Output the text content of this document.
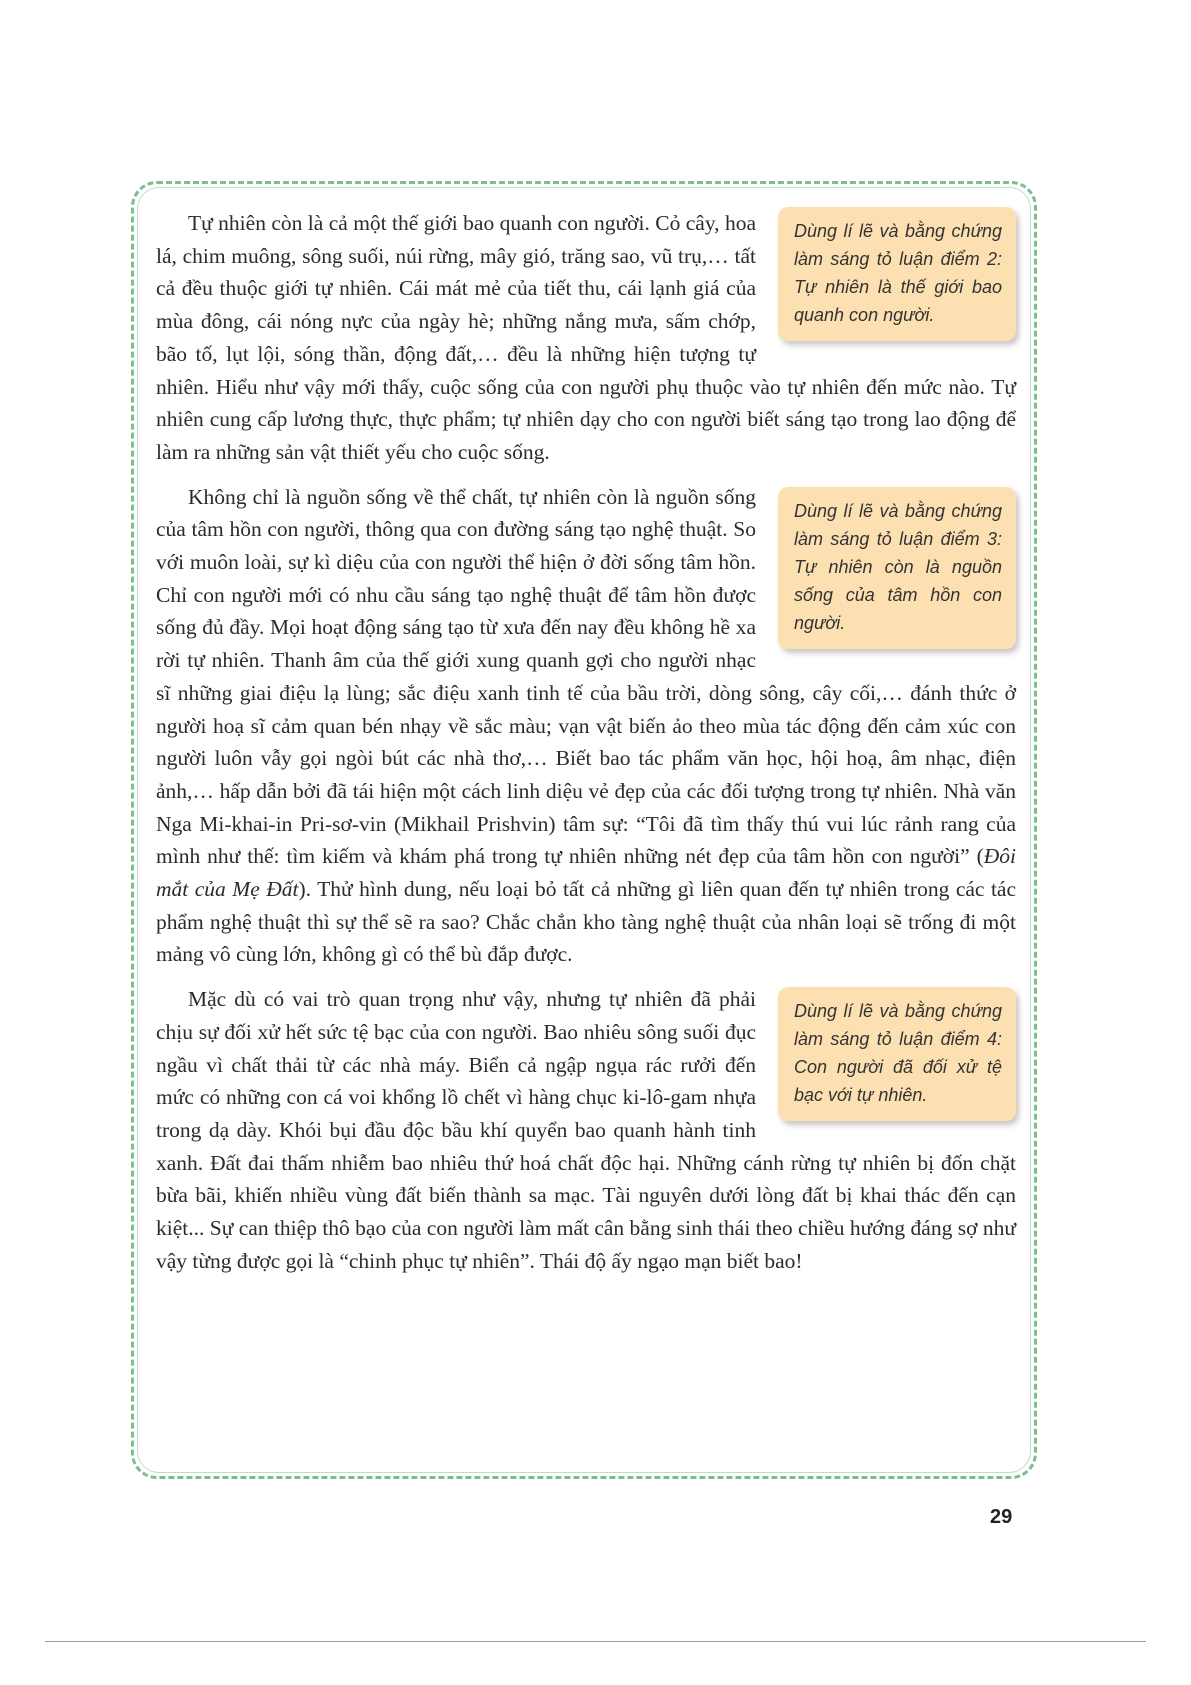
Dùng lí lẽ và bằng chứng làm sáng tỏ luận điểm 2: Tự nhiên là thế giới bao quanh con người.

Tự nhiên còn là cả một thế giới bao quanh con người. Cỏ cây, hoa lá, chim muông, sông suối, núi rừng, mây gió, trăng sao, vũ trụ,… tất cả đều thuộc giới tự nhiên. Cái mát mẻ của tiết thu, cái lạnh giá của mùa đông, cái nóng nực của ngày hè; những nắng mưa, sấm chớp, bão tố, lụt lội, sóng thần, động đất,… đều là những hiện tượng tự nhiên. Hiểu như vậy mới thấy, cuộc sống của con người phụ thuộc vào tự nhiên đến mức nào. Tự nhiên cung cấp lương thực, thực phẩm; tự nhiên dạy cho con người biết sáng tạo trong lao động để làm ra những sản vật thiết yếu cho cuộc sống.

Dùng lí lẽ và bằng chứng làm sáng tỏ luận điểm 3: Tự nhiên còn là nguồn sống của tâm hồn con người.

Không chỉ là nguồn sống về thể chất, tự nhiên còn là nguồn sống của tâm hồn con người, thông qua con đường sáng tạo nghệ thuật. So với muôn loài, sự kì diệu của con người thể hiện ở đời sống tâm hồn. Chỉ con người mới có nhu cầu sáng tạo nghệ thuật để tâm hồn được sống đủ đầy. Mọi hoạt động sáng tạo từ xưa đến nay đều không hề xa rời tự nhiên. Thanh âm của thế giới xung quanh gợi cho người nhạc sĩ những giai điệu lạ lùng; sắc điệu xanh tinh tế của bầu trời, dòng sông, cây cối,… đánh thức ở người hoạ sĩ cảm quan bén nhạy về sắc màu; vạn vật biến ảo theo mùa tác động đến cảm xúc con người luôn vẫy gọi ngòi bút các nhà thơ,… Biết bao tác phẩm văn học, hội hoạ, âm nhạc, điện ảnh,… hấp dẫn bởi đã tái hiện một cách linh diệu vẻ đẹp của các đối tượng trong tự nhiên. Nhà văn Nga Mi-khai-in Pri-sơ-vin (Mikhail Prishvin) tâm sự: “Tôi đã tìm thấy thú vui lúc rảnh rang của mình như thế: tìm kiếm và khám phá trong tự nhiên những nét đẹp của tâm hồn con người” (Đôi mắt của Mẹ Đất). Thử hình dung, nếu loại bỏ tất cả những gì liên quan đến tự nhiên trong các tác phẩm nghệ thuật thì sự thể sẽ ra sao? Chắc chắn kho tàng nghệ thuật của nhân loại sẽ trống đi một mảng vô cùng lớn, không gì có thể bù đắp được.

Dùng lí lẽ và bằng chứng làm sáng tỏ luận điểm 4: Con người đã đối xử tệ bạc với tự nhiên.

Mặc dù có vai trò quan trọng như vậy, nhưng tự nhiên đã phải chịu sự đối xử hết sức tệ bạc của con người. Bao nhiêu sông suối đục ngầu vì chất thải từ các nhà máy. Biển cả ngập ngụa rác rưởi đến mức có những con cá voi khổng lồ chết vì hàng chục ki-lô-gam nhựa trong dạ dày. Khói bụi đầu độc bầu khí quyển bao quanh hành tinh xanh. Đất đai thấm nhiễm bao nhiêu thứ hoá chất độc hại. Những cánh rừng tự nhiên bị đốn chặt bừa bãi, khiến nhiều vùng đất biến thành sa mạc. Tài nguyên dưới lòng đất bị khai thác đến cạn kiệt... Sự can thiệp thô bạo của con người làm mất cân bằng sinh thái theo chiều hướng đáng sợ như vậy từng được gọi là “chinh phục tự nhiên”. Thái độ ấy ngạo mạn biết bao!

29
